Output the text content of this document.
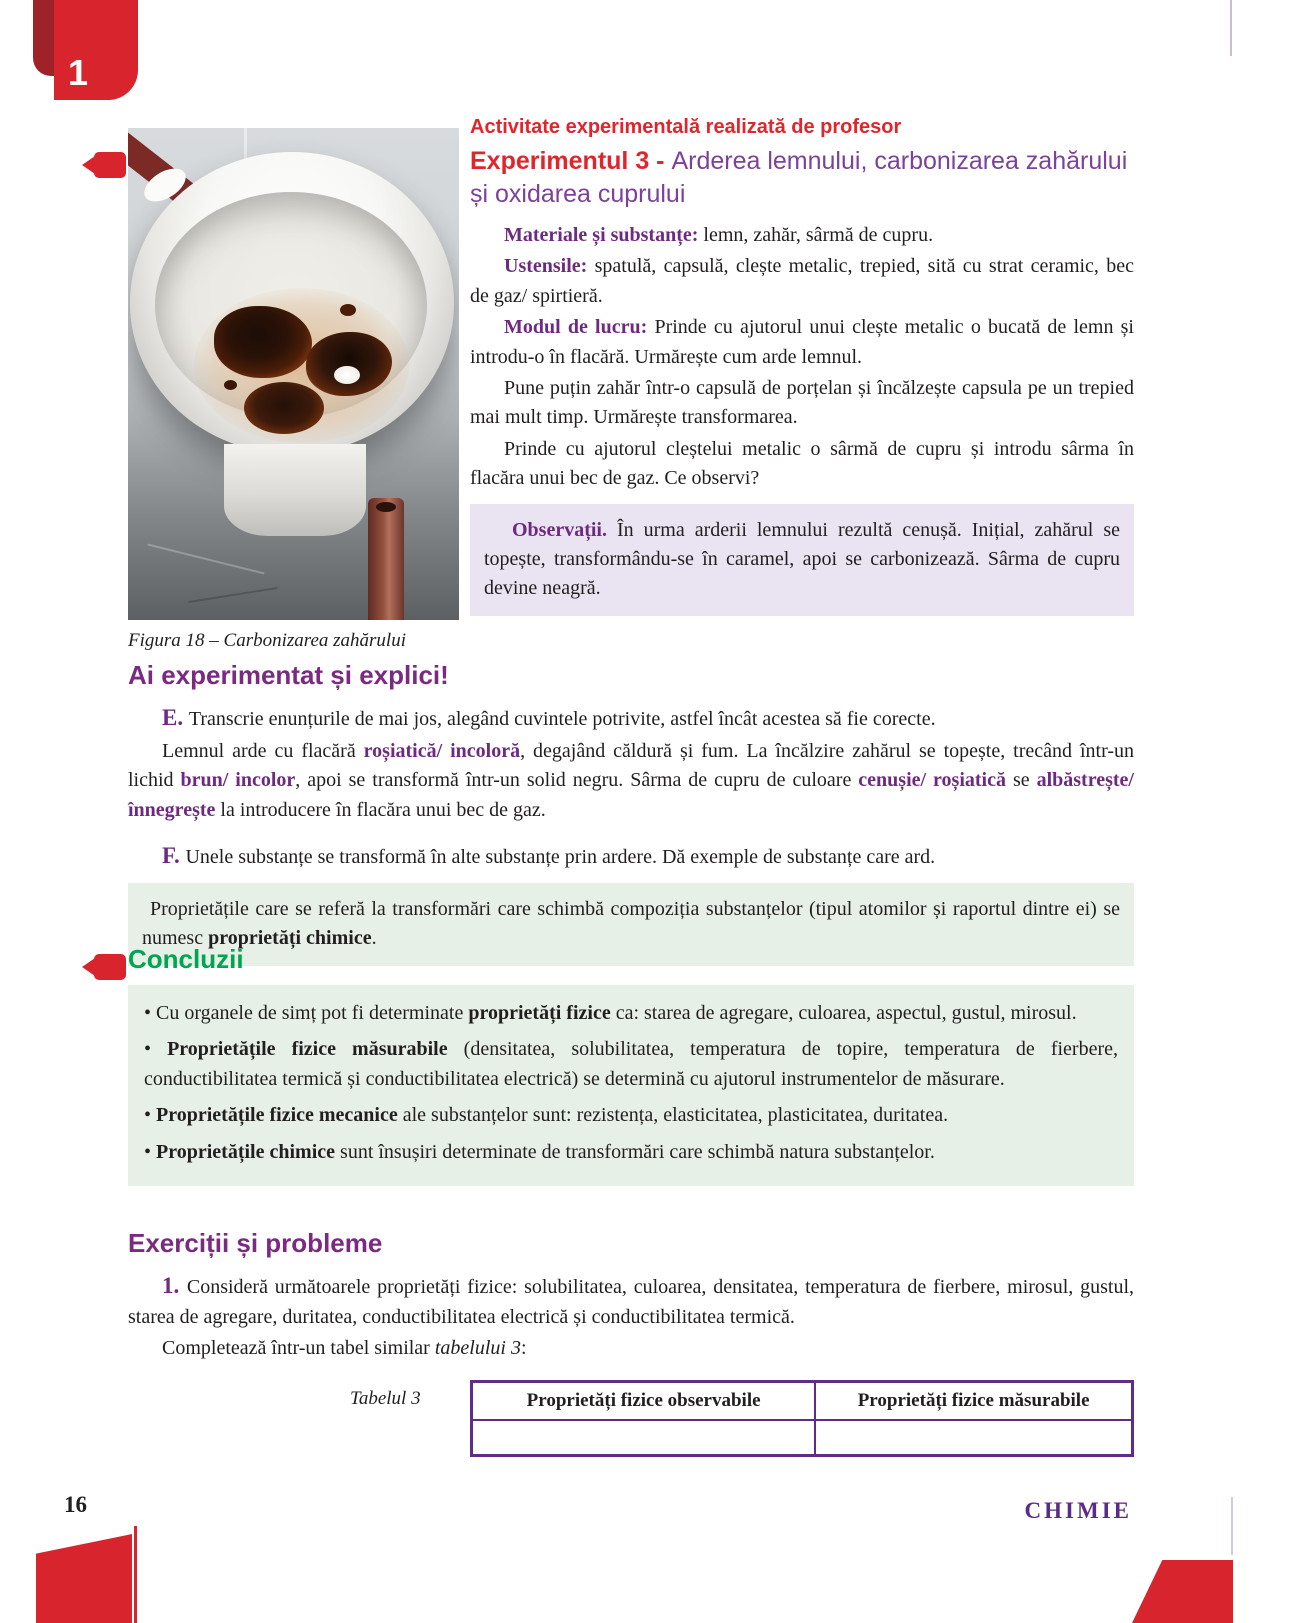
1
Figura 18 – Carbonizarea zahărului
Activitate experimentală realizată de profesor
Experimentul 3 - Arderea lemnului, carbonizarea zahărului și oxidarea cuprului

Materiale și substanțe: lemn, zahăr, sârmă de cupru.

Ustensile: spatulă, capsulă, clește metalic, trepied, sită cu strat ceramic, bec de gaz/ spirtieră.

Modul de lucru: Prinde cu ajutorul unui clește metalic o bucată de lemn și introdu-o în flacără. Urmărește cum arde lemnul.

Pune puțin zahăr într-o capsulă de porțelan și încălzește capsula pe un trepied mai mult timp. Urmărește transformarea.

Prinde cu ajutorul cleștelui metalic o sârmă de cupru și introdu sârma în flacăra unui bec de gaz. Ce observi?

Observații. În urma arderii lemnului rezultă cenușă. Inițial, zahărul se topește, transformându-se în caramel, apoi se carbonizează. Sârma de cupru devine neagră.

Ai experimentat și explici!

E. Transcrie enunțurile de mai jos, alegând cuvintele potrivite, astfel încât acestea să fie corecte.

Lemnul arde cu flacără roșiatică/ incoloră, degajând căldură și fum. La încălzire zahărul se topește, trecând într-un lichid brun/ incolor, apoi se transformă într-un solid negru. Sârma de cupru de culoare cenușie/ roșiatică se albăstrește/ înnegrește la introducere în flacăra unui bec de gaz.

F. Unele substanțe se transformă în alte substanțe prin ardere. Dă exemple de substanțe care ard.

Proprietățile care se referă la transformări care schimbă compoziția substanțelor (tipul atomilor și raportul dintre ei) se numesc proprietăți chimice.

Concluzii

• Cu organele de simț pot fi determinate proprietăți fizice ca: starea de agregare, culoarea, aspectul, gustul, mirosul.

• Proprietățile fizice măsurabile (densitatea, solubilitatea, temperatura de topire, temperatura de fierbere, conductibilitatea termică și conductibilitatea electrică) se determină cu ajutorul instrumentelor de măsurare.

• Proprietățile fizice mecanice ale substanțelor sunt: rezistența, elasticitatea, plasticitatea, duritatea.

• Proprietățile chimice sunt însușiri determinate de transformări care schimbă natura substanțelor.

Exerciții și probleme

1. Consideră următoarele proprietăți fizice: solubilitatea, culoarea, densitatea, temperatura de fierbere, mirosul, gustul, starea de agregare, duritatea, conductibilitatea electrică și conductibilitatea termică.

Completează într-un tabel similar tabelului 3:

Tabelul 3	Proprietăți fizice observabile	Proprietăți fizice măsurabile

16	CHIMIE
